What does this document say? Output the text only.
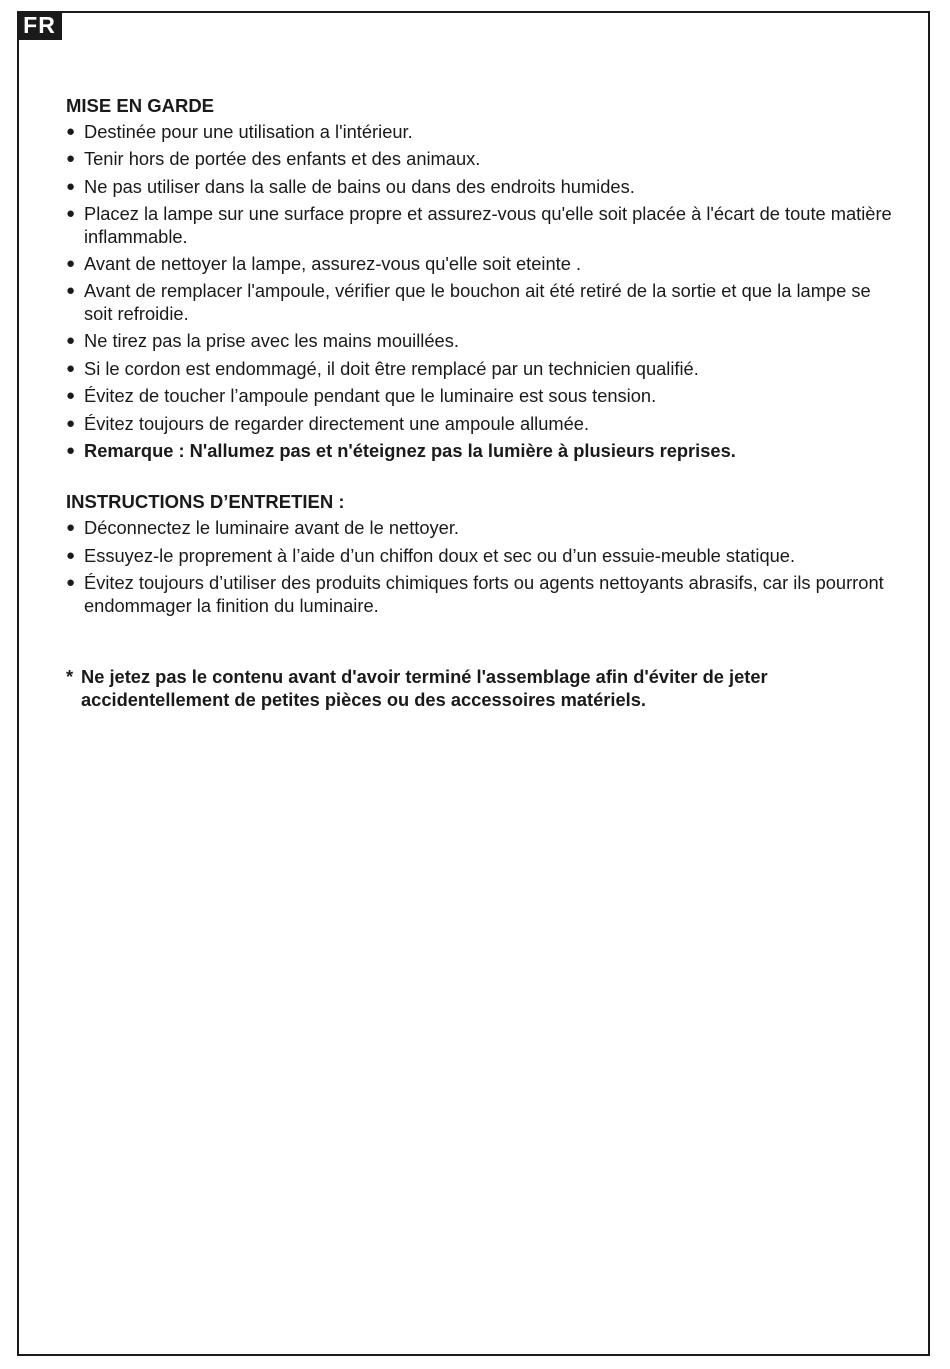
FR
MISE EN GARDE
● Destinée pour une utilisation a l'intérieur.
● Tenir hors de portée des enfants et des animaux.
● Ne pas utiliser dans la salle de bains ou dans des endroits humides.
● Placez la lampe sur une surface propre et assurez-vous qu'elle soit placée à l'écart de toute matière inflammable.
● Avant de nettoyer la lampe, assurez-vous qu'elle soit eteinte .
● Avant de remplacer l'ampoule, vérifier que le bouchon ait été retiré de la sortie et que la lampe se soit refroidie.
● Ne tirez pas la prise avec les mains mouillées.
● Si le cordon est endommagé, il doit être remplacé par un technicien qualifié.
● Évitez de toucher l’ampoule pendant que le luminaire est sous tension.
● Évitez toujours de regarder directement une ampoule allumée.
● Remarque : N'allumez pas et n'éteignez pas la lumière à plusieurs reprises.
INSTRUCTIONS D’ENTRETIEN :
● Déconnectez le luminaire avant de le nettoyer.
● Essuyez-le proprement à l’aide d’un chiffon doux et sec ou d’un essuie-meuble statique.
● Évitez toujours d’utiliser des produits chimiques forts ou agents nettoyants abrasifs, car ils pourront endommager la finition du luminaire.
* Ne jetez pas le contenu avant d'avoir terminé l'assemblage afin d'éviter de jeter accidentellement de petites pièces ou des accessoires matériels.
